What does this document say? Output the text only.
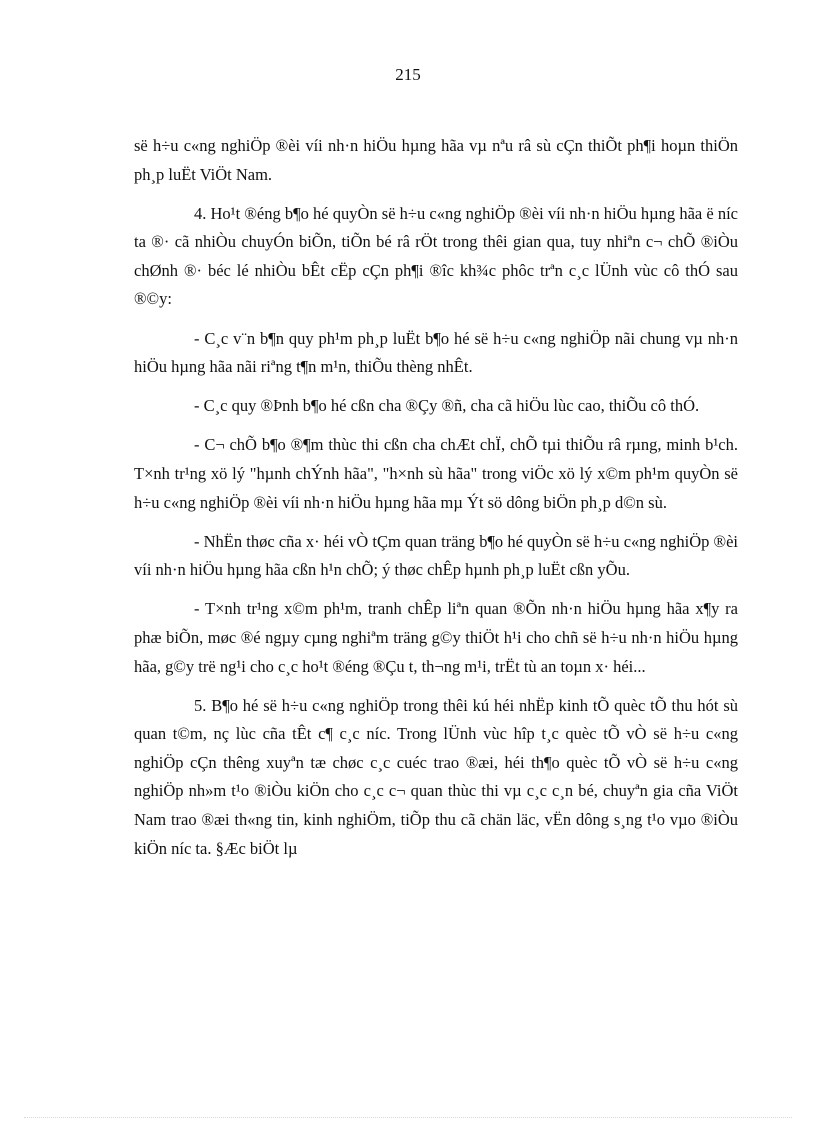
215

së h÷u c«ng nghiÖp ®èi víi nh·n hiÖu hµng hãa vµ nªu râ sù cÇn thiÕt ph¶i hoµn thiÖn ph¸p luËt ViÖt Nam.

4. Ho¹t ®éng b¶o hé quyÒn së h÷u c«ng nghiÖp ®èi víi nh·n hiÖu hµng hãa ë níc ta ®· cã nhiÒu chuyÓn biÕn, tiÕn bé râ rÖt trong thêi gian qua, tuy nhiªn c¬ chÕ ®iÒu chØnh ®· béc lé nhiÒu bÊt cËp cÇn ph¶i ®îc kh¾c phôc trªn c¸c lÜnh vùc cô thÓ sau ®©y:

- C¸c v¨n b¶n quy ph¹m ph¸p luËt b¶o hé së h÷u c«ng nghiÖp nãi chung vµ nh·n hiÖu hµng hãa nãi riªng t¶n m¹n, thiÕu thèng nhÊt.

- C¸c quy ®Þnh b¶o hé cßn cha ®Çy ®ñ, cha cã hiÖu lùc cao, thiÕu cô thÓ.

- C¬ chÕ b¶o ®¶m thùc thi cßn cha chÆt chÏ, chÕ tµi thiÕu râ rµng, minh b¹ch. T×nh tr¹ng xö lý "hµnh chÝnh hãa", "h×nh sù hãa" trong viÖc xö lý x©m ph¹m quyÒn së h÷u c«ng nghiÖp ®èi víi nh·n hiÖu hµng hãa mµ Ýt sö dông biÖn ph¸p d©n sù.

- NhËn thøc cña x· héi vÒ tÇm quan träng b¶o hé quyÒn së h÷u c«ng nghiÖp ®èi víi nh·n hiÖu hµng hãa cßn h¹n chÕ; ý thøc chÊp hµnh ph¸p luËt cßn yÕu.

- T×nh tr¹ng x©m ph¹m, tranh chÊp liªn quan ®Õn nh·n hiÖu hµng hãa x¶y ra phæ biÕn, møc ®é ngµy cµng nghiªm träng g©y thiÖt h¹i cho chñ së h÷u nh·n hiÖu hµng hãa, g©y trë ng¹i cho c¸c ho¹t ®éng ®Çu t, th¬ng m¹i, trËt tù an toµn x· héi...

5. B¶o hé së h÷u c«ng nghiÖp trong thêi kú héi nhËp kinh tÕ quèc tÕ thu hót sù quan t©m, nç lùc cña tÊt c¶ c¸c níc. Trong lÜnh vùc hîp t¸c quèc tÕ vÒ së h÷u c«ng nghiÖp cÇn thêng xuyªn tæ chøc c¸c cuéc trao ®æi, héi th¶o quèc tÕ vÒ së h÷u c«ng nghiÖp nh»m t¹o ®iÒu kiÖn cho c¸c c¬ quan thùc thi vµ c¸c c¸n bé, chuyªn gia cña ViÖt Nam trao ®æi th«ng tin, kinh nghiÖm, tiÕp thu cã chän läc, vËn dông s¸ng t¹o vµo ®iÒu kiÖn níc ta. §Æc biÖt lµ
